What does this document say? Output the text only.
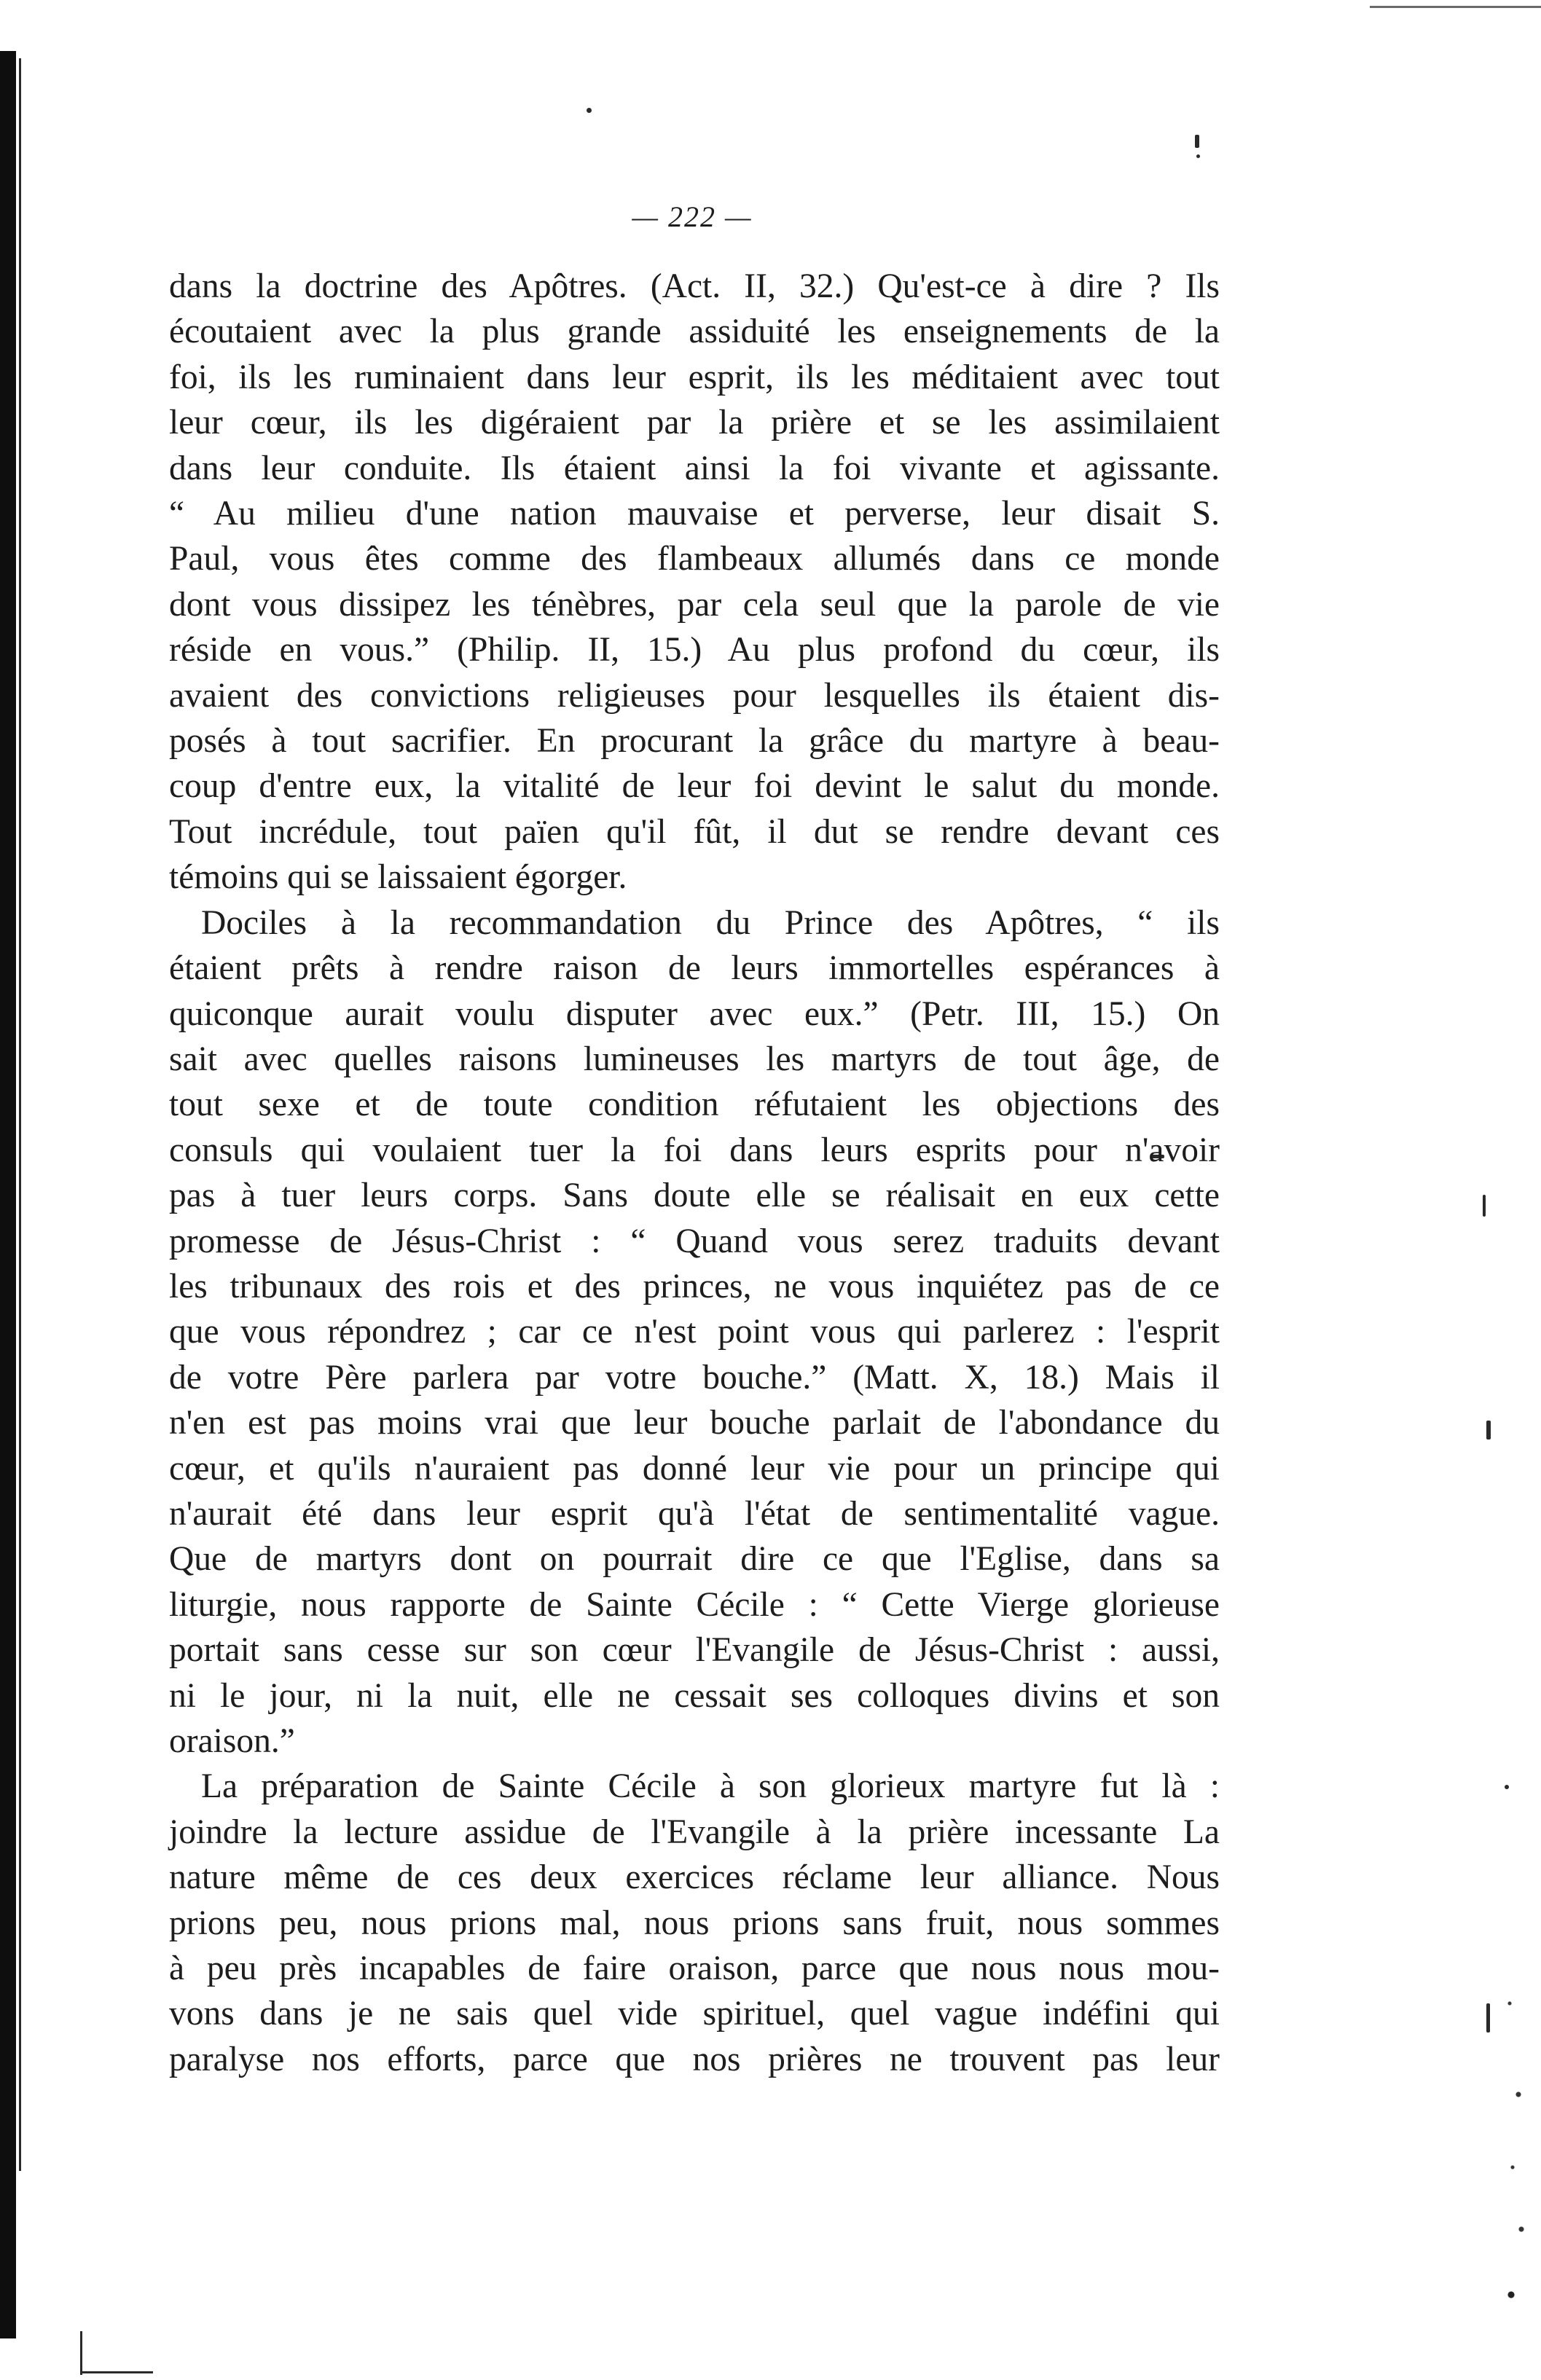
— 222 —
dans la doctrine des Apôtres. (Act. II, 32.) Qu'est-ce à dire ? Ils
écoutaient avec la plus grande assiduité les enseignements de la
foi, ils les ruminaient dans leur esprit, ils les méditaient avec tout
leur cœur, ils les digéraient par la prière et se les assimilaient
dans leur conduite. Ils étaient ainsi la foi vivante et agissante.
“ Au milieu d'une nation mauvaise et perverse, leur disait S.
Paul, vous êtes comme des flambeaux allumés dans ce monde
dont vous dissipez les ténèbres, par cela seul que la parole de vie
réside en vous.” (Philip. II, 15.) Au plus profond du cœur, ils
avaient des convictions religieuses pour lesquelles ils étaient dis-
posés à tout sacrifier. En procurant la grâce du martyre à beau-
coup d'entre eux, la vitalité de leur foi devint le salut du monde.
Tout incrédule, tout païen qu'il fût, il dut se rendre devant ces
témoins qui se laissaient égorger.
Dociles à la recommandation du Prince des Apôtres, “ ils
étaient prêts à rendre raison de leurs immortelles espérances à
quiconque aurait voulu disputer avec eux.” (Petr. III, 15.) On
sait avec quelles raisons lumineuses les martyrs de tout âge, de
tout sexe et de toute condition réfutaient les objections des
consuls qui voulaient tuer la foi dans leurs esprits pour n'avoir
pas à tuer leurs corps. Sans doute elle se réalisait en eux cette
promesse de Jésus-Christ : “ Quand vous serez traduits devant
les tribunaux des rois et des princes, ne vous inquiétez pas de ce
que vous répondrez ; car ce n'est point vous qui parlerez : l'esprit
de votre Père parlera par votre bouche.” (Matt. X, 18.) Mais il
n'en est pas moins vrai que leur bouche parlait de l'abondance du
cœur, et qu'ils n'auraient pas donné leur vie pour un principe qui
n'aurait été dans leur esprit qu'à l'état de sentimentalité vague.
Que de martyrs dont on pourrait dire ce que l'Eglise, dans sa
liturgie, nous rapporte de Sainte Cécile : “ Cette Vierge glorieuse
portait sans cesse sur son cœur l'Evangile de Jésus-Christ : aussi,
ni le jour, ni la nuit, elle ne cessait ses colloques divins et son
oraison.”
La préparation de Sainte Cécile à son glorieux martyre fut là :
joindre la lecture assidue de l'Evangile à la prière incessante La
nature même de ces deux exercices réclame leur alliance. Nous
prions peu, nous prions mal, nous prions sans fruit, nous sommes
à peu près incapables de faire oraison, parce que nous nous mou-
vons dans je ne sais quel vide spirituel, quel vague indéfini qui
paralyse nos efforts, parce que nos prières ne trouvent pas leur
